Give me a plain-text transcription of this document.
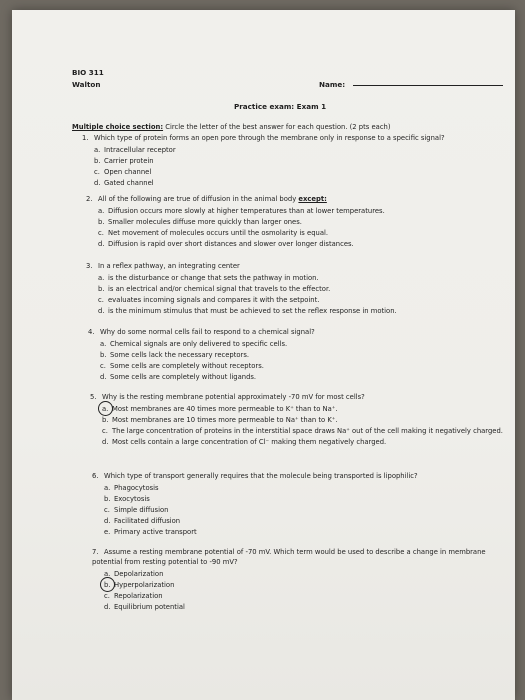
BIO 311
Walton	Name:
Practice exam: Exam 1
Multiple choice section: Circle the letter of the best answer for each question. (2 pts each)
1. Which type of protein forms an open pore through the membrane only in response to a specific signal?
a. Intracellular receptor
b. Carrier protein
c. Open channel
d. Gated channel
2. All of the following are true of diffusion in the animal body except:
a. Diffusion occurs more slowly at higher temperatures than at lower temperatures.
b. Smaller molecules diffuse more quickly than larger ones.
c. Net movement of molecules occurs until the osmolarity is equal.
d. Diffusion is rapid over short distances and slower over longer distances.
3. In a reflex pathway, an integrating center
a. is the disturbance or change that sets the pathway in motion.
b. is an electrical and/or chemical signal that travels to the effector.
c. evaluates incoming signals and compares it with the setpoint.
d. is the minimum stimulus that must be achieved to set the reflex response in motion.
4. Why do some normal cells fail to respond to a chemical signal?
a. Chemical signals are only delivered to specific cells.
b. Some cells lack the necessary receptors.
c. Some cells are completely without receptors.
d. Some cells are completely without ligands.
5. Why is the resting membrane potential approximately -70 mV for most cells?
a. Most membranes are 40 times more permeable to K⁺ than to Na⁺.
b. Most membranes are 10 times more permeable to Na⁺ than to K⁺.
c. The large concentration of proteins in the interstitial space draws Na⁺ out of the cell making it negatively charged.
d. Most cells contain a large concentration of Cl⁻ making them negatively charged.
6. Which type of transport generally requires that the molecule being transported is lipophilic?
a. Phagocytosis
b. Exocytosis
c. Simple diffusion
d. Facilitated diffusion
e. Primary active transport
7. Assume a resting membrane potential of -70 mV. Which term would be used to describe a change in membrane potential from resting potential to -90 mV?
a. Depolarization
b. Hyperpolarization
c. Repolarization
d. Equilibrium potential
